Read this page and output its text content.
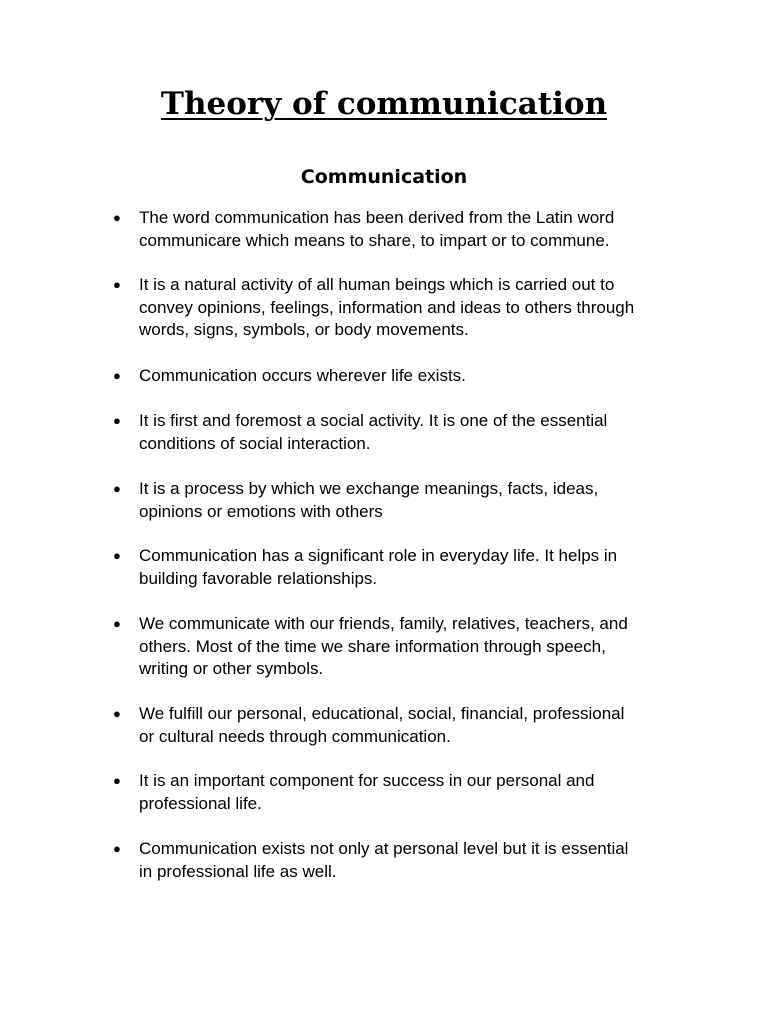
Theory of communication
Communication
●	The word communication has been derived from the Latin word
communicare which means to share, to impart or to commune.
●	It is a natural activity of all human beings which is carried out to
convey opinions, feelings, information and ideas to others through
words, signs, symbols, or body movements.
●	Communication occurs wherever life exists.
●	It is first and foremost a social activity. It is one of the essential
conditions of social interaction.
●	It is a process by which we exchange meanings, facts, ideas,
opinions or emotions with others
●	Communication has a significant role in everyday life. It helps in
building favorable relationships.
●	We communicate with our friends, family, relatives, teachers, and
others. Most of the time we share information through speech,
writing or other symbols.
●	We fulfill our personal, educational, social, financial, professional
or cultural needs through communication.
●	It is an important component for success in our personal and
professional life.
●	Communication exists not only at personal level but it is essential
in professional life as well.
